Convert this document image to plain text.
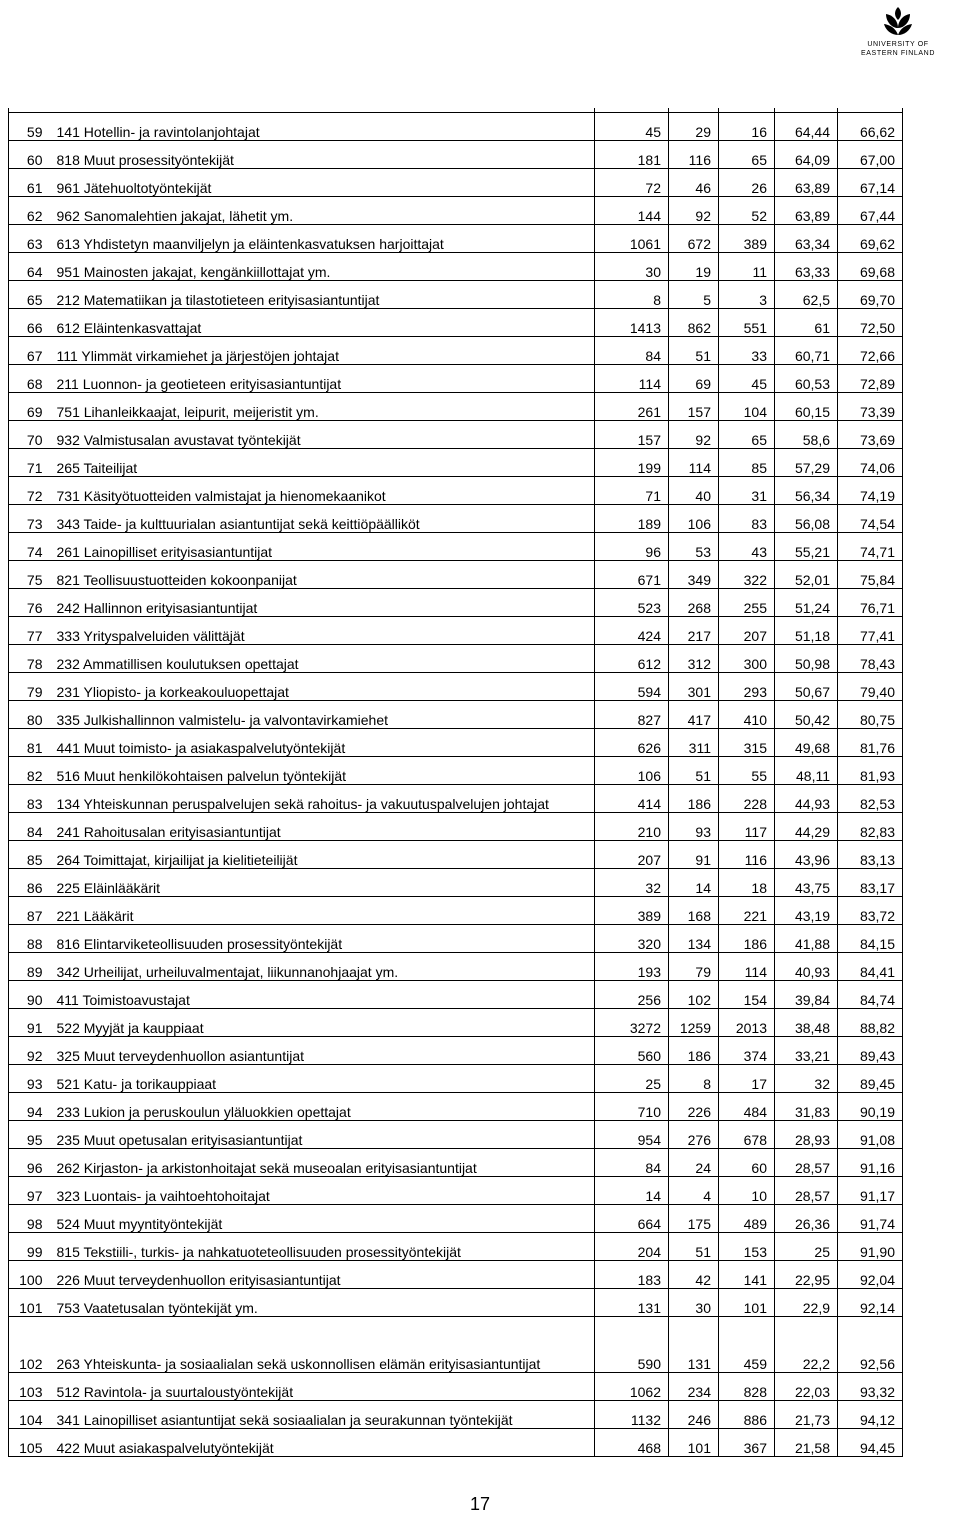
UNIVERSITY OF
EASTERN FINLAND

59	141 Hotellin- ja ravintolanjohtajat	45	29	16	64,44	66,62
60	818 Muut prosessityöntekijät	181	116	65	64,09	67,00
61	961 Jätehuoltotyöntekijät	72	46	26	63,89	67,14
62	962 Sanomalehtien jakajat, lähetit ym.	144	92	52	63,89	67,44
63	613 Yhdistetyn maanviljelyn ja eläintenkasvatuksen harjoittajat	1061	672	389	63,34	69,62
64	951 Mainosten jakajat, kengänkiillottajat ym.	30	19	11	63,33	69,68
65	212 Matematiikan ja tilastotieteen erityisasiantuntijat	8	5	3	62,5	69,70
66	612 Eläintenkasvattajat	1413	862	551	61	72,50
67	111 Ylimmät virkamiehet ja järjestöjen johtajat	84	51	33	60,71	72,66
68	211 Luonnon- ja geotieteen erityisasiantuntijat	114	69	45	60,53	72,89
69	751 Lihanleikkaajat, leipurit, meijeristit ym.	261	157	104	60,15	73,39
70	932 Valmistusalan avustavat työntekijät	157	92	65	58,6	73,69
71	265 Taiteilijat	199	114	85	57,29	74,06
72	731 Käsityötuotteiden valmistajat ja hienomekaanikot	71	40	31	56,34	74,19
73	343 Taide- ja kulttuurialan asiantuntijat sekä keittiöpäälliköt	189	106	83	56,08	74,54
74	261 Lainopilliset erityisasiantuntijat	96	53	43	55,21	74,71
75	821 Teollisuustuotteiden kokoonpanijat	671	349	322	52,01	75,84
76	242 Hallinnon erityisasiantuntijat	523	268	255	51,24	76,71
77	333 Yrityspalveluiden välittäjät	424	217	207	51,18	77,41
78	232 Ammatillisen koulutuksen opettajat	612	312	300	50,98	78,43
79	231 Yliopisto- ja korkeakouluopettajat	594	301	293	50,67	79,40
80	335 Julkishallinnon valmistelu- ja valvontavirkamiehet	827	417	410	50,42	80,75
81	441 Muut toimisto- ja asiakaspalvelutyöntekijät	626	311	315	49,68	81,76
82	516 Muut henkilökohtaisen palvelun työntekijät	106	51	55	48,11	81,93
83	134 Yhteiskunnan peruspalvelujen sekä rahoitus- ja vakuutuspalvelujen johtajat	414	186	228	44,93	82,53
84	241 Rahoitusalan erityisasiantuntijat	210	93	117	44,29	82,83
85	264 Toimittajat, kirjailijat ja kielitieteilijät	207	91	116	43,96	83,13
86	225 Eläinlääkärit	32	14	18	43,75	83,17
87	221 Lääkärit	389	168	221	43,19	83,72
88	816 Elintarviketeollisuuden prosessityöntekijät	320	134	186	41,88	84,15
89	342 Urheilijat, urheiluvalmentajat, liikunnanohjaajat ym.	193	79	114	40,93	84,41
90	411 Toimistoavustajat	256	102	154	39,84	84,74
91	522 Myyjät ja kauppiaat	3272	1259	2013	38,48	88,82
92	325 Muut terveydenhuollon asiantuntijat	560	186	374	33,21	89,43
93	521 Katu- ja torikauppiaat	25	8	17	32	89,45
94	233 Lukion ja peruskoulun yläluokkien opettajat	710	226	484	31,83	90,19
95	235 Muut opetusalan erityisasiantuntijat	954	276	678	28,93	91,08
96	262 Kirjaston- ja arkistonhoitajat sekä museoalan erityisasiantuntijat	84	24	60	28,57	91,16
97	323 Luontais- ja vaihtoehtohoitajat	14	4	10	28,57	91,17
98	524 Muut myyntityöntekijät	664	175	489	26,36	91,74
99	815 Tekstiili-, turkis- ja nahkatuoteteollisuuden prosessityöntekijät	204	51	153	25	91,90
100	226 Muut terveydenhuollon erityisasiantuntijat	183	42	141	22,95	92,04
101	753 Vaatetusalan työntekijät ym.	131	30	101	22,9	92,14
102	263 Yhteiskunta- ja sosiaalialan sekä uskonnollisen elämän erityisasiantuntijat	590	131	459	22,2	92,56
103	512 Ravintola- ja suurtaloustyöntekijät	1062	234	828	22,03	93,32
104	341 Lainopilliset asiantuntijat sekä sosiaalialan ja seurakunnan työntekijät	1132	246	886	21,73	94,12
105	422 Muut asiakaspalvelutyöntekijät	468	101	367	21,58	94,45
17
